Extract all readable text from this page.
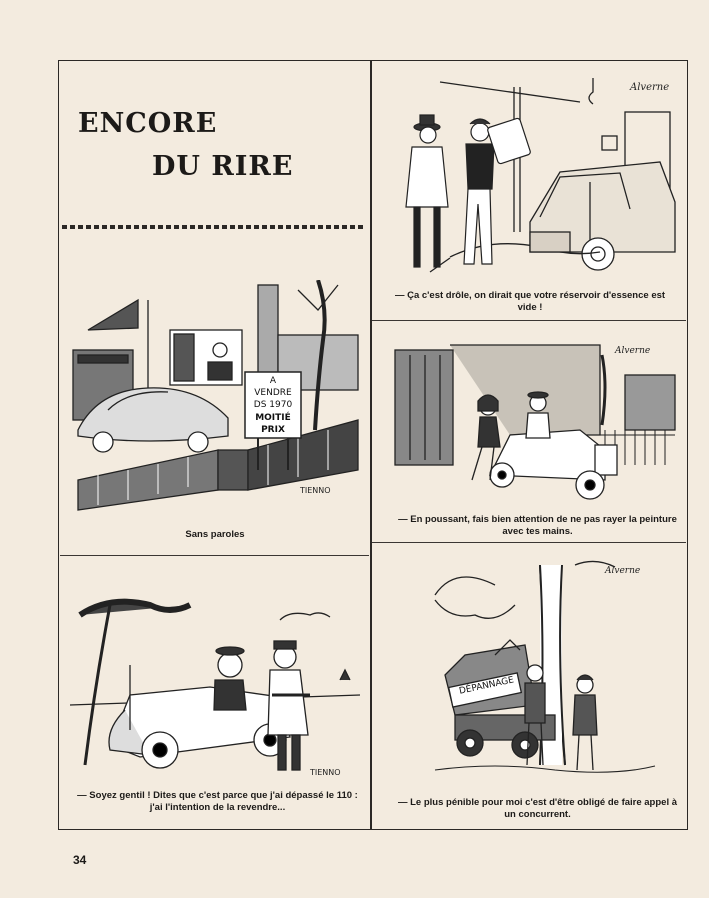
ENCORE
DU RIRE
Alverne
— Ça c'est drôle, on dirait que votre réservoir d'essence est vide !
A
VENDRE
DS 1970
MOITIÉ
PRIX
TIENNO
Sans paroles
Alverne
— En poussant, fais bien attention de ne pas rayer la peinture avec tes mains.
TIENNO
— Soyez gentil ! Dites que c'est parce que j'ai dépassé le 110 : j'ai l'intention de la revendre...
DÉPANNAGE
Alverne
— Le plus pénible pour moi c'est d'être obligé de faire appel à un concurrent.
34
